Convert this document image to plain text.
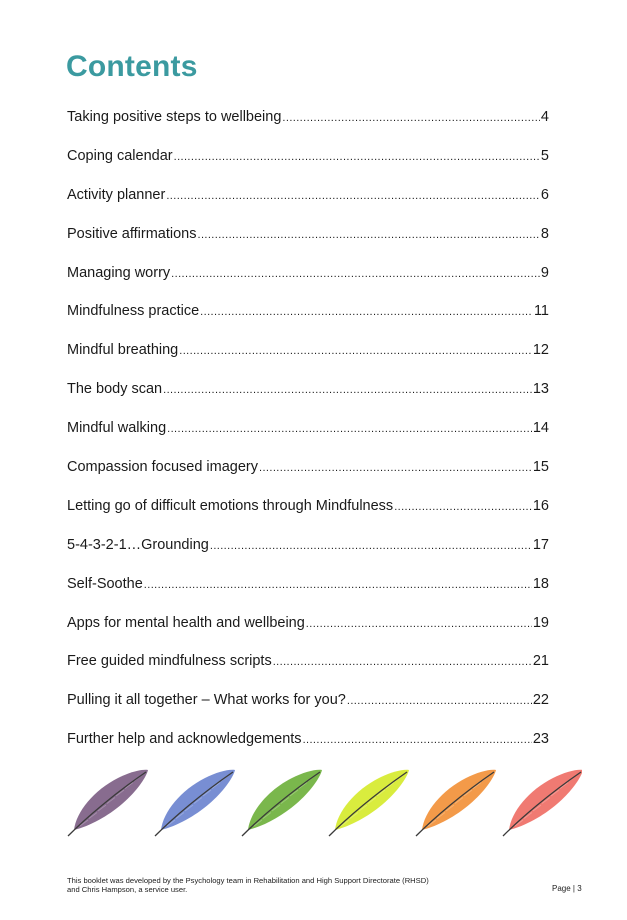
Contents
Taking positive steps to wellbeing .....	4
Coping calendar .....	5
Activity planner .....	6
Positive affirmations .....	8
Managing worry .....	9
Mindfulness practice .....	11
Mindful breathing .....	12
The body scan .....	13
Mindful walking .....	14
Compassion focused imagery .....	15
Letting go of difficult emotions through Mindfulness .....	16
5-4-3-2-1…Grounding .....	17
Self-Soothe .....	18
Apps for mental health and wellbeing .....	19
Free guided mindfulness scripts .....	21
Pulling it all together – What works for you? .....	22
Further help and acknowledgements .....	23
This booklet was developed by the Psychology team in Rehabilitation and High Support Directorate (RHSD)
and Chris Hampson, a service user.	Page | 3
